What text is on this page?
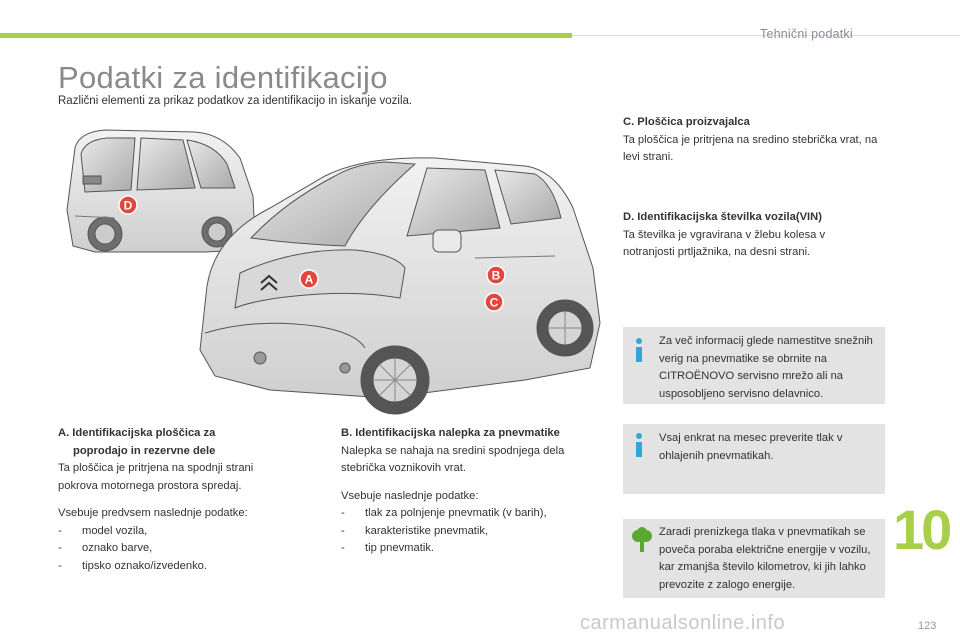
Tehnični podatki
Podatki za identifikacijo
Različni elementi za prikaz podatkov za identifikacijo in iskanje vozila.
D
A	B
C
A. Identifikacijska ploščica za
poprodajo in rezervne dele
Ta ploščica je pritrjena na spodnji strani pokrova motornega prostora spredaj.
Vsebuje predvsem naslednje podatke:
- model vozila,
- oznako barve,
- tipsko oznako/izvedenko.
B. Identifikacijska nalepka za pnevmatike
Nalepka se nahaja na sredini spodnjega dela stebrička voznikovih vrat.
Vsebuje naslednje podatke:
- tlak za polnjenje pnevmatik (v barih),
- karakteristike pnevmatik,
- tip pnevmatik.
C. Ploščica proizvajalca
Ta ploščica je pritrjena na sredino stebrička vrat, na levi strani.
D. Identifikacijska številka vozila(VIN)
Ta številka je vgravirana v žlebu kolesa v notranjosti prtljažnika, na desni strani.
Za več informacij glede namestitve snežnih verig na pnevmatike se obrnite na CITROËNOVO servisno mrežo ali na usposobljeno servisno delavnico.
Vsaj enkrat na mesec preverite tlak v ohlajenih pnevmatikah.
Zaradi prenizkega tlaka v pnevmatikah se poveča poraba električne energije v vozilu, kar zmanjša število kilometrov, ki jih lahko prevozite z zalogo energije.
10
carmanualsonline.info	123
